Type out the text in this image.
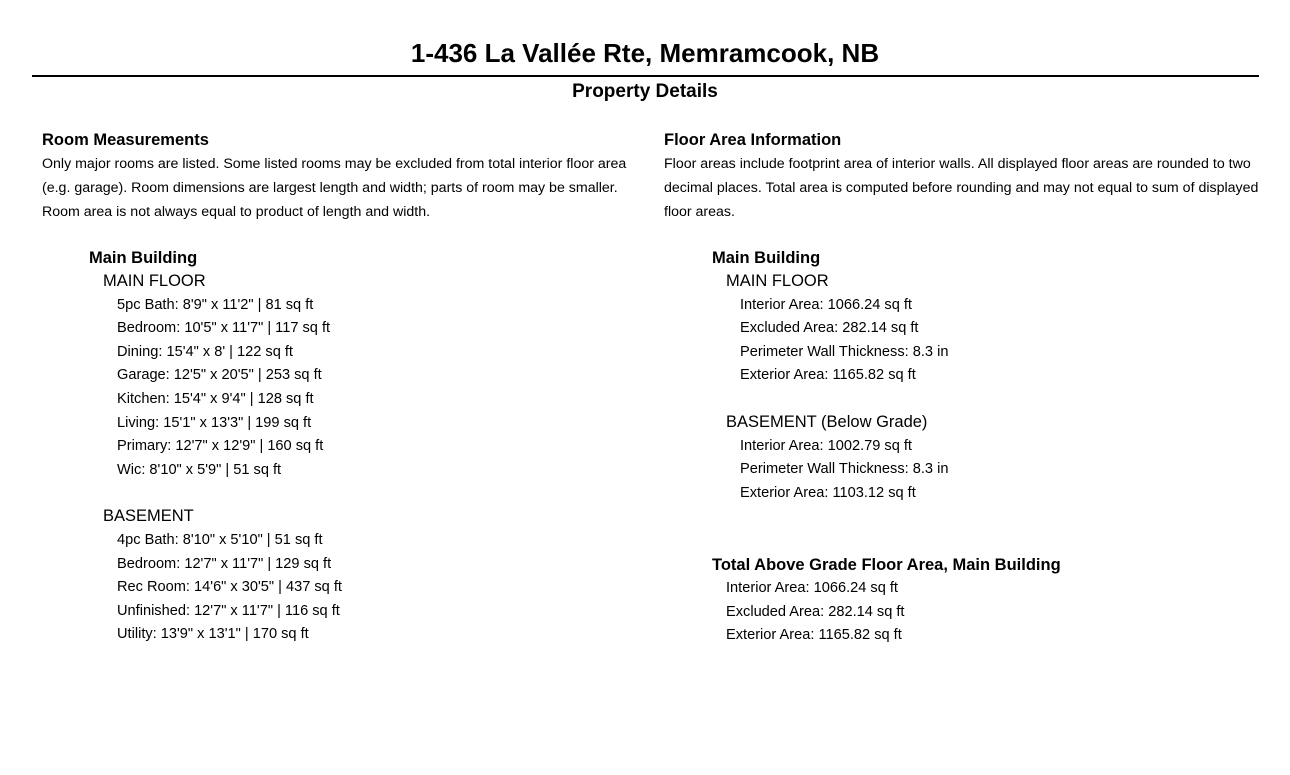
1-436 La Vallée Rte, Memramcook, NB
Property Details
Room Measurements
Only major rooms are listed. Some listed rooms may be excluded from total interior floor area
(e.g. garage). Room dimensions are largest length and width; parts of room may be smaller.
Room area is not always equal to product of length and width.
Main Building
MAIN FLOOR
5pc Bath: 8'9" x 11'2" | 81 sq ft
Bedroom: 10'5" x 11'7" | 117 sq ft
Dining: 15'4" x 8' | 122 sq ft
Garage: 12'5" x 20'5" | 253 sq ft
Kitchen: 15'4" x 9'4" | 128 sq ft
Living: 15'1" x 13'3" | 199 sq ft
Primary: 12'7" x 12'9" | 160 sq ft
Wic: 8'10" x 5'9" | 51 sq ft
BASEMENT
4pc Bath: 8'10" x 5'10" | 51 sq ft
Bedroom: 12'7" x 11'7" | 129 sq ft
Rec Room: 14'6" x 30'5" | 437 sq ft
Unfinished: 12'7" x 11'7" | 116 sq ft
Utility: 13'9" x 13'1" | 170 sq ft
Floor Area Information
Floor areas include footprint area of interior walls. All displayed floor areas are rounded to two
decimal places. Total area is computed before rounding and may not equal to sum of displayed
floor areas.
Main Building
MAIN FLOOR
Interior Area: 1066.24 sq ft
Excluded Area: 282.14 sq ft
Perimeter Wall Thickness: 8.3 in
Exterior Area: 1165.82 sq ft
BASEMENT (Below Grade)
Interior Area: 1002.79 sq ft
Perimeter Wall Thickness: 8.3 in
Exterior Area: 1103.12 sq ft
Total Above Grade Floor Area, Main Building
Interior Area: 1066.24 sq ft
Excluded Area: 282.14 sq ft
Exterior Area: 1165.82 sq ft
